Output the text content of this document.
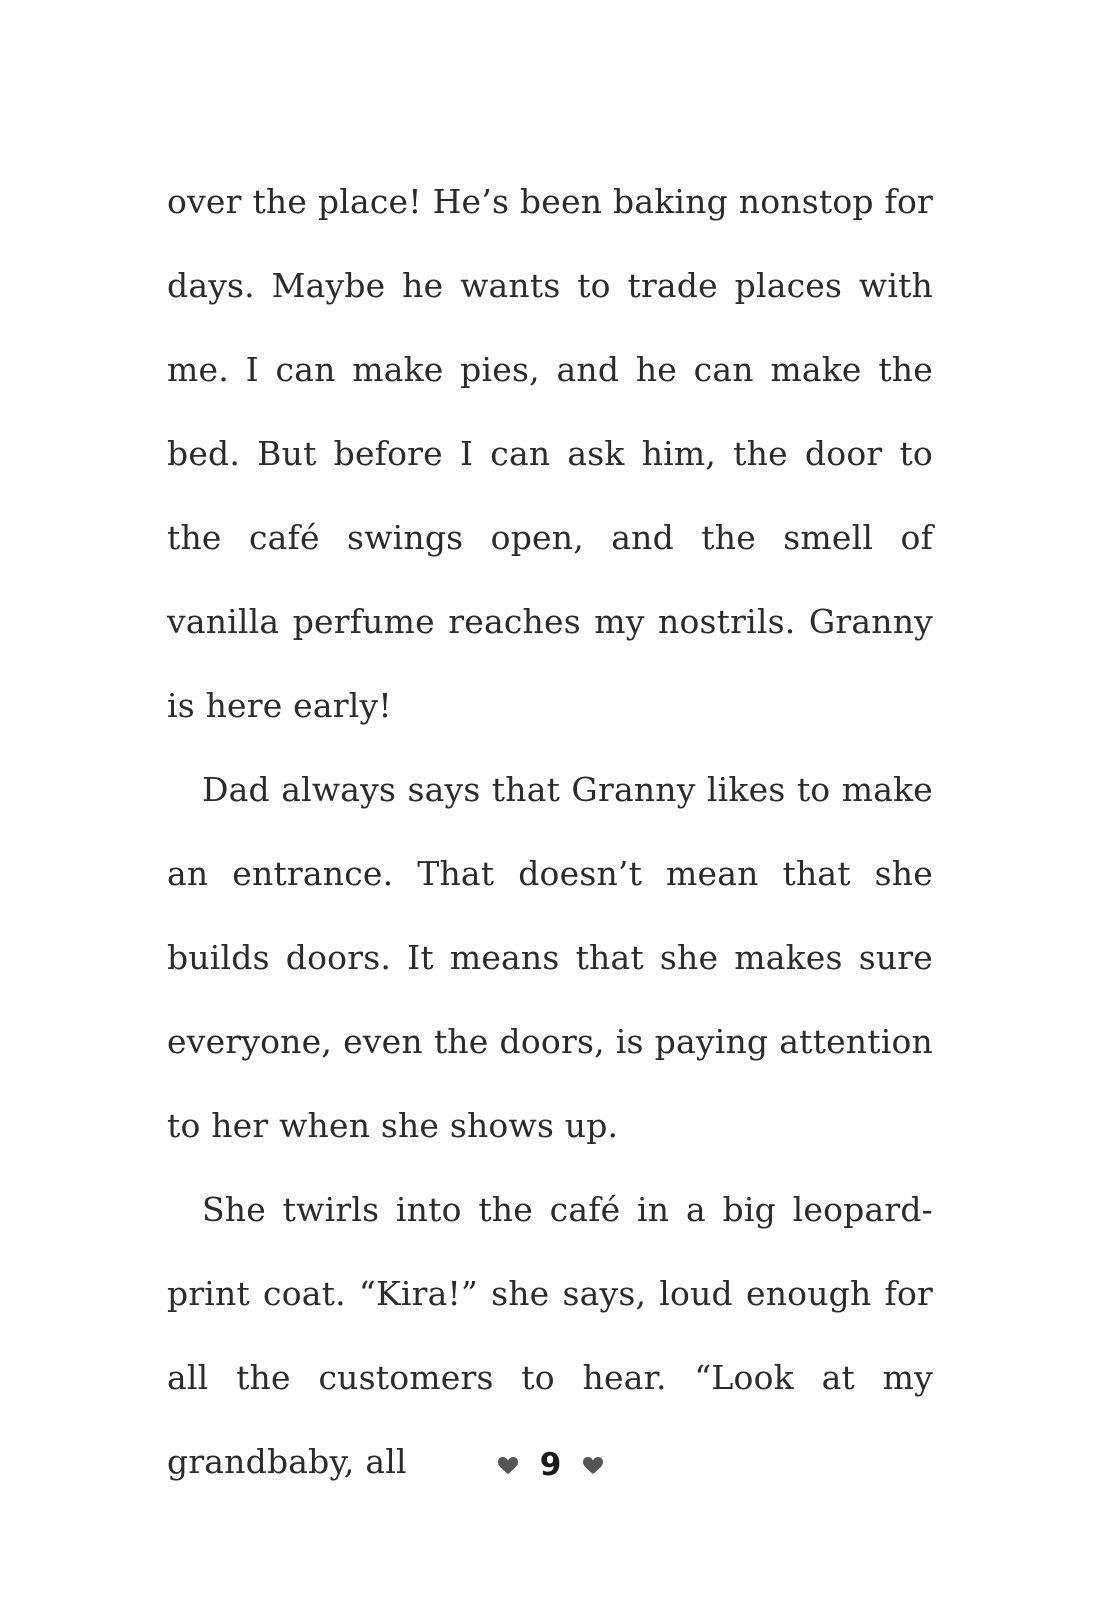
over the place! He’s been baking nonstop for days. Maybe he wants to trade places with me. I can make pies, and he can make the bed. But before I can ask him, the door to the café swings open, and the smell of vanilla perfume reaches my nostrils. Granny is here early!

Dad always says that Granny likes to make an entrance. That doesn’t mean that she builds doors. It means that she makes sure everyone, even the doors, is paying attention to her when she shows up.

She twirls into the café in a big leopard-print coat. “Kira!” she says, loud enough for all the customers to hear. “Look at my grandbaby, all	9
